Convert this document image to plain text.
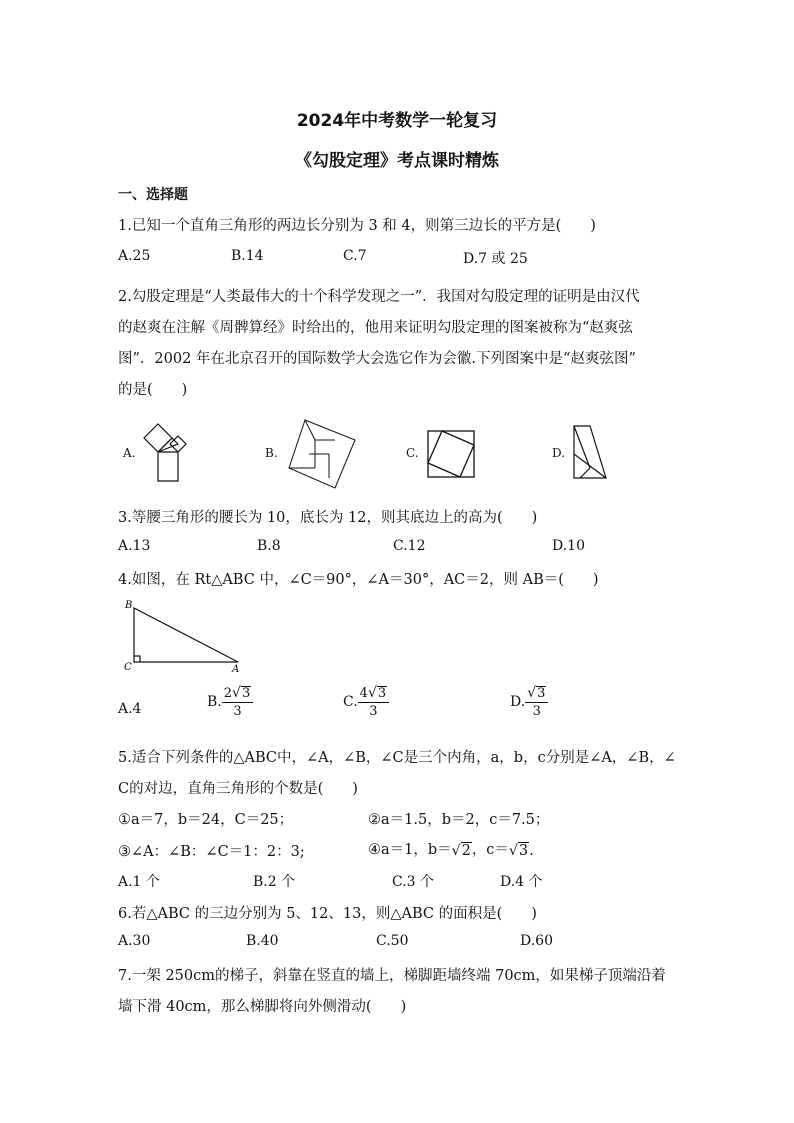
2024年中考数学一轮复习
《勾股定理》考点课时精炼
一、选择题
1.已知一个直角三角形的两边长分别为 3 和 4，则第三边长的平方是(　　)
A.25	B.14	C.7	D.7 或 25
2.勾股定理是“人类最伟大的十个科学发现之一”．我国对勾股定理的证明是由汉代
的赵爽在注解《周髀算经》时给出的，他用来证明勾股定理的图案被称为“赵爽弦
图”．2002 年在北京召开的国际数学大会选它作为会徽.下列图案中是“赵爽弦图”
的是(　　)
A.	B.	C.	D.
3.等腰三角形的腰长为 10，底长为 12，则其底边上的高为(　　)
A.13	B.8	C.12	D.10
4.如图，在 Rt△ABC 中，∠C＝90°，∠A＝30°，AC＝2，则 AB＝(　　)
B
C	A
A.4	B. $\frac{2 √ 3}{3}$	C. $\frac{4 √ 3}{3}$	D. $\frac{√ 3}{3}$
5.适合下列条件的△ABC中，∠A，∠B，∠C是三个内角，a，b，c分别是∠A，∠B，∠
C的对边，直角三角形的个数是(　　)
①a＝7，b＝24，C＝25；	②a＝1.5，b＝2，c＝7.5；
③∠A：∠B：∠C＝1：2：3;	④a＝1，b＝ √ 2 ，c＝ √ 3 .
A.1 个	B.2 个	C.3 个	D.4 个
6.若△ABC 的三边分别为 5、12、13，则△ABC 的面积是(　　)
A.30	B.40	C.50	D.60
7.一架 250cm的梯子，斜靠在竖直的墙上，梯脚距墙终端 70cm，如果梯子顶端沿着
墙下滑 40cm，那么梯脚将向外侧滑动(　　)
